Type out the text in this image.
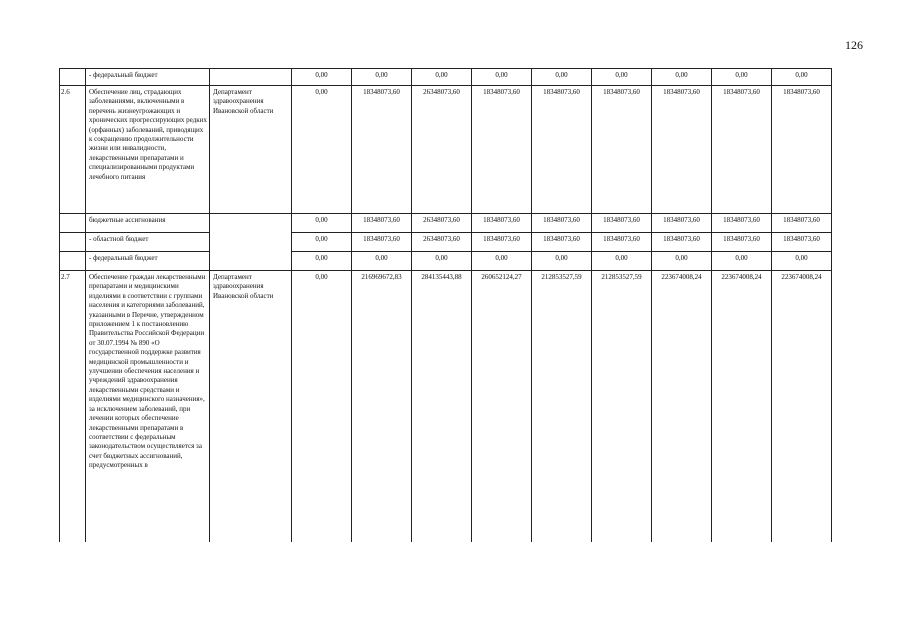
126
	- федеральный бюджет		0,00	0,00	0,00	0,00	0,00	0,00	0,00	0,00	0,00
2.6	Обеспечение лиц, страдающих заболеваниями, включенными в перечень жизнеугрожающих и хронических прогрессирующих редких (орфанных) заболеваний, приводящих к сокращению продолжительности жизни или инвалидности, лекарственными препаратами и специализированными продуктами лечебного питания	Департамент здравоохранения Ивановской области	0,00	18348073,60	26348073,60	18348073,60	18348073,60	18348073,60	18348073,60	18348073,60	18348073,60
	бюджетные ассигнования		0,00	18348073,60	26348073,60	18348073,60	18348073,60	18348073,60	18348073,60	18348073,60	18348073,60
	- областной бюджет		0,00	18348073,60	26348073,60	18348073,60	18348073,60	18348073,60	18348073,60	18348073,60	18348073,60
	- федеральный бюджет		0,00	0,00	0,00	0,00	0,00	0,00	0,00	0,00	0,00
2.7	Обеспечение граждан лекарственными препаратами и медицинскими изделиями в соответствии с группами населения и категориями заболеваний, указанными в Перечне, утвержденном приложением 1 к постановлению Правительства Российской Федерации от 30.07.1994 № 890 «О государственной поддержке развития медицинской промышленности и улучшении обеспечения населения и учреждений здравоохранения лекарственными средствами и изделиями медицинского назначения», за исключением заболеваний, при лечении которых обеспечение лекарственными препаратами в соответствии с федеральным законодательством осуществляется за счет бюджетных ассигнований, предусмотренных в	Департамент здравоохранения Ивановской области	0,00	216969672,83	284135443,88	260652124,27	212853527,59	212853527,59	223674008,24	223674008,24	223674008,24
